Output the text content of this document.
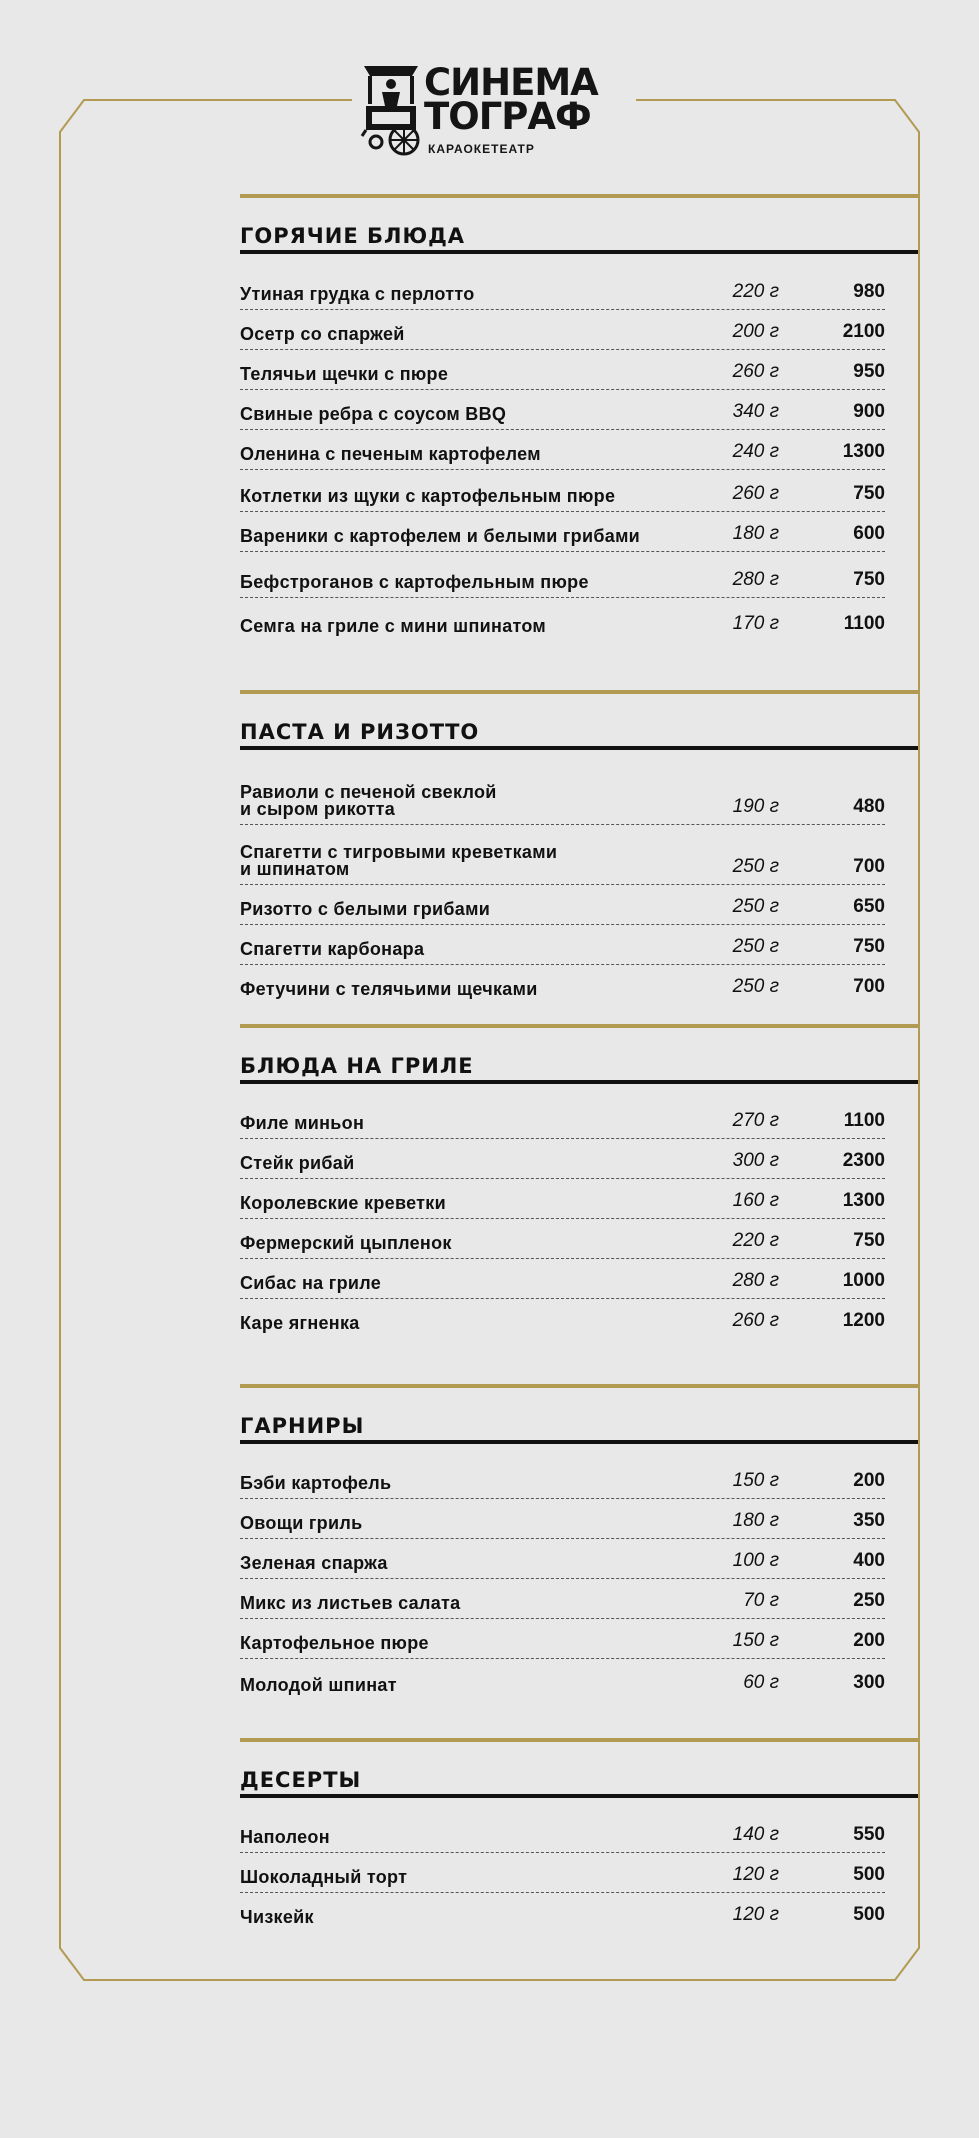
СИНЕМА
ТОГРАФ
КАРАОКЕТЕАТР
ГОРЯЧИЕ БЛЮДА
ПАСТА И РИЗОТТО
БЛЮДА НА ГРИЛЕ
ГАРНИРЫ
ДЕСЕРТЫ
Утиная грудка с перлотто	220 г	980
Осетр со спаржей	200 г	2100
Телячьи щечки с пюре	260 г	950
Свиные ребра с соусом BBQ	340 г	900
Оленина с печеным картофелем	240 г	1300
Котлетки из щуки с картофельным пюре	260 г	750
Вареники с картофелем и белыми грибами	180 г	600
Бефстроганов с картофельным пюре	280 г	750
Семга на гриле с мини шпинатом	170 г	1100
Равиоли с печеной свеклой
и сыром рикотта	190 г	480
Спагетти с тигровыми креветками
и шпинатом	250 г	700
Ризотто с белыми грибами	250 г	650
Спагетти карбонара	250 г	750
Фетучини с телячьими щечками	250 г	700
Филе миньон	270 г	1100
Стейк рибай	300 г	2300
Королевские креветки	160 г	1300
Фермерский цыпленок	220 г	750
Сибас на гриле	280 г	1000
Каре ягненка	260 г	1200
Бэби картофель	150 г	200
Овощи гриль	180 г	350
Зеленая спаржа	100 г	400
Микс из листьев салата	70 г	250
Картофельное пюре	150 г	200
Молодой шпинат	60 г	300
Наполеон	140 г	550
Шоколадный торт	120 г	500
Чизкейк	120 г	500
